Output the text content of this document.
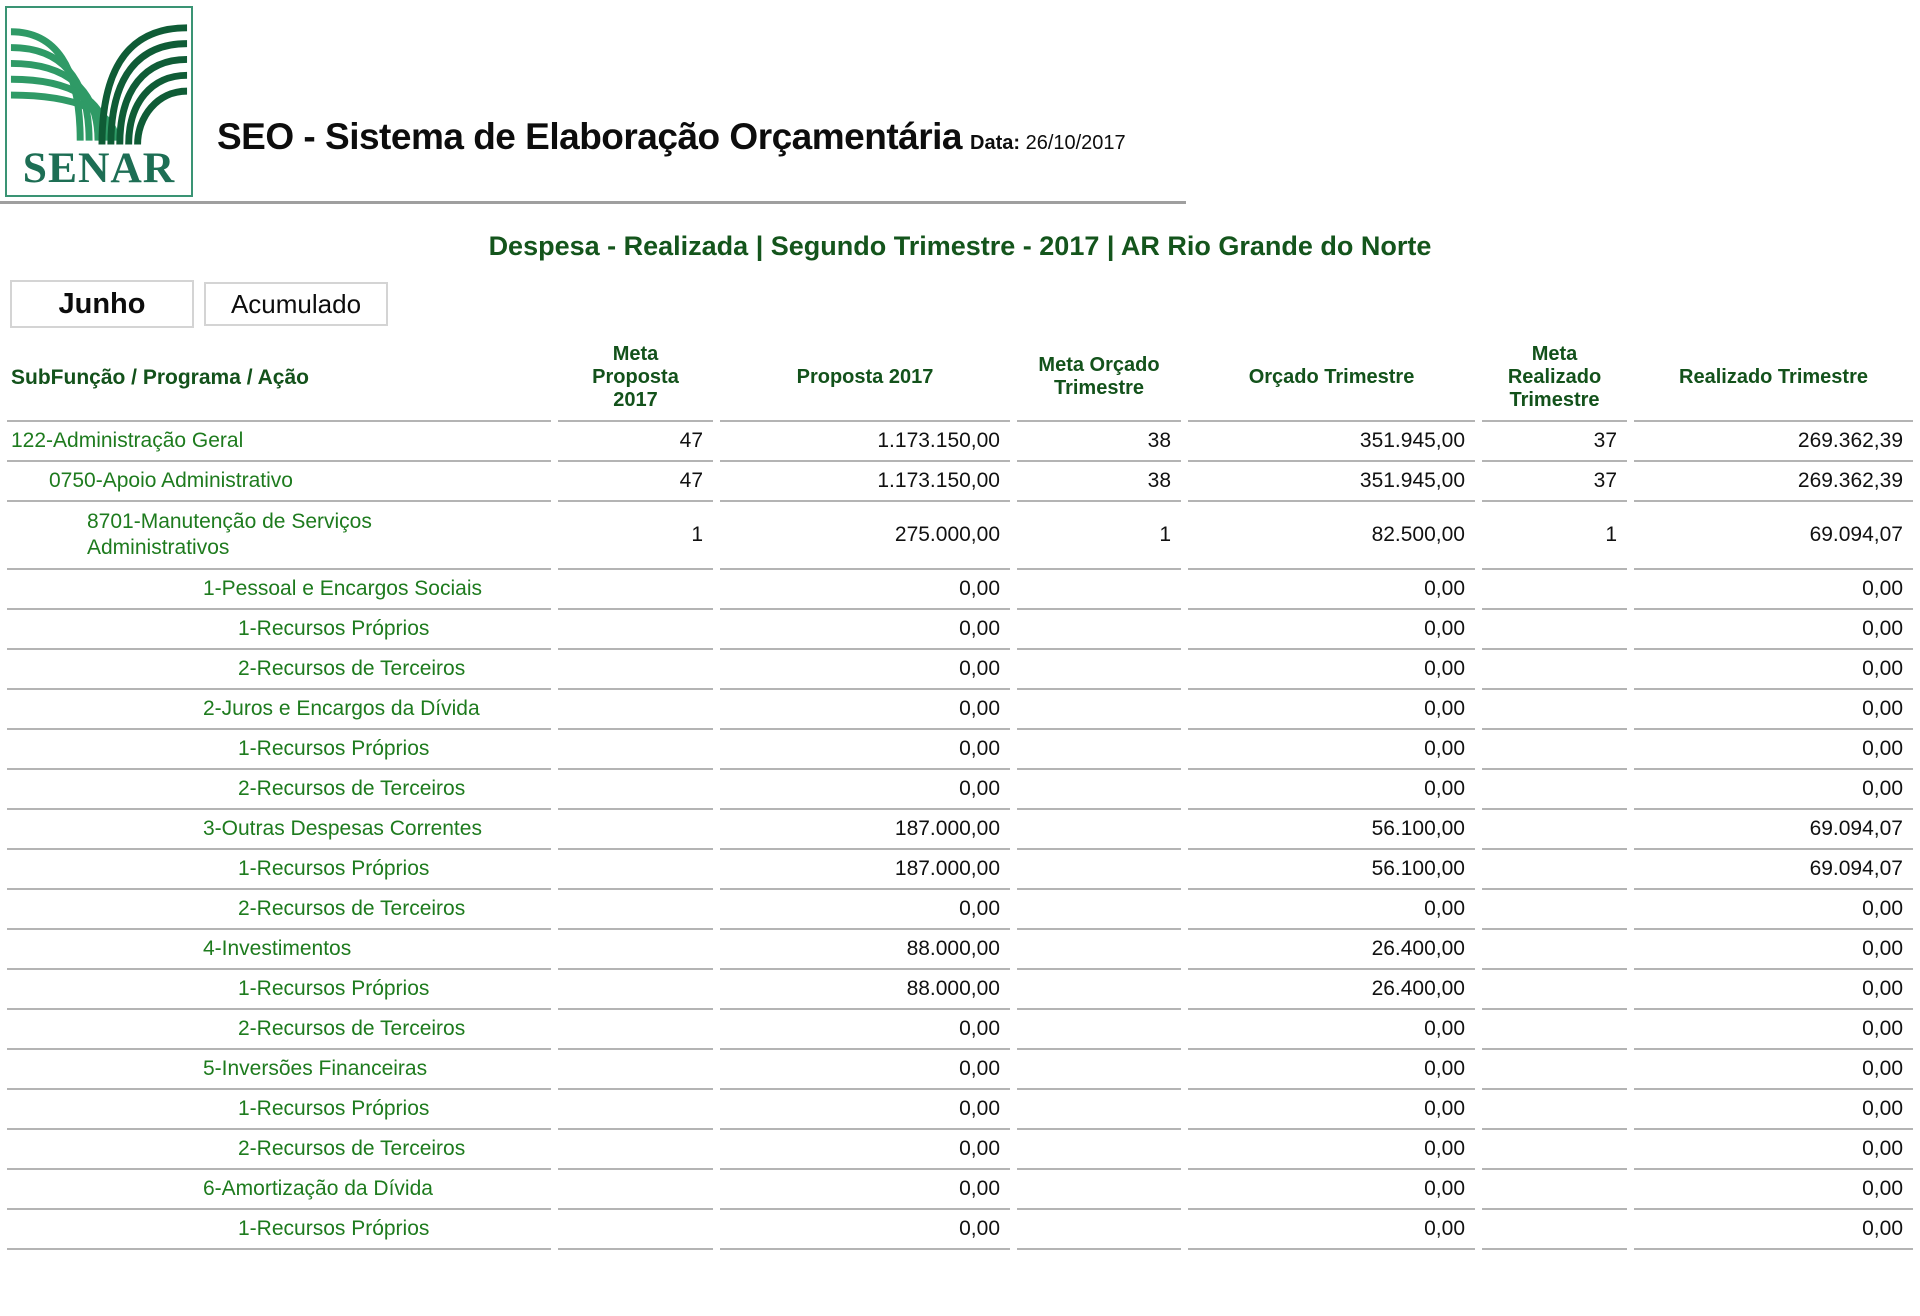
SENAR
SEO - Sistema de Elaboração Orçamentária Data: 26/10/2017
Despesa - Realizada | Segundo Trimestre - 2017 | AR Rio Grande do Norte
Junho	Acumulado
SubFunção / Programa / Ação	Meta Proposta 2017	Proposta 2017	Meta Orçado Trimestre	Orçado Trimestre	Meta Realizado Trimestre	Realizado Trimestre
122-Administração Geral	47	1.173.150,00	38	351.945,00	37	269.362,39
0750-Apoio Administrativo	47	1.173.150,00	38	351.945,00	37	269.362,39
8701-Manutenção de Serviços Administrativos	1	275.000,00	1	82.500,00	1	69.094,07
1-Pessoal e Encargos Sociais		0,00		0,00		0,00
1-Recursos Próprios		0,00		0,00		0,00
2-Recursos de Terceiros		0,00		0,00		0,00
2-Juros e Encargos da Dívida		0,00		0,00		0,00
1-Recursos Próprios		0,00		0,00		0,00
2-Recursos de Terceiros		0,00		0,00		0,00
3-Outras Despesas Correntes		187.000,00		56.100,00		69.094,07
1-Recursos Próprios		187.000,00		56.100,00		69.094,07
2-Recursos de Terceiros		0,00		0,00		0,00
4-Investimentos		88.000,00		26.400,00		0,00
1-Recursos Próprios		88.000,00		26.400,00		0,00
2-Recursos de Terceiros		0,00		0,00		0,00
5-Inversões Financeiras		0,00		0,00		0,00
1-Recursos Próprios		0,00		0,00		0,00
2-Recursos de Terceiros		0,00		0,00		0,00
6-Amortização da Dívida		0,00		0,00		0,00
1-Recursos Próprios		0,00		0,00		0,00
